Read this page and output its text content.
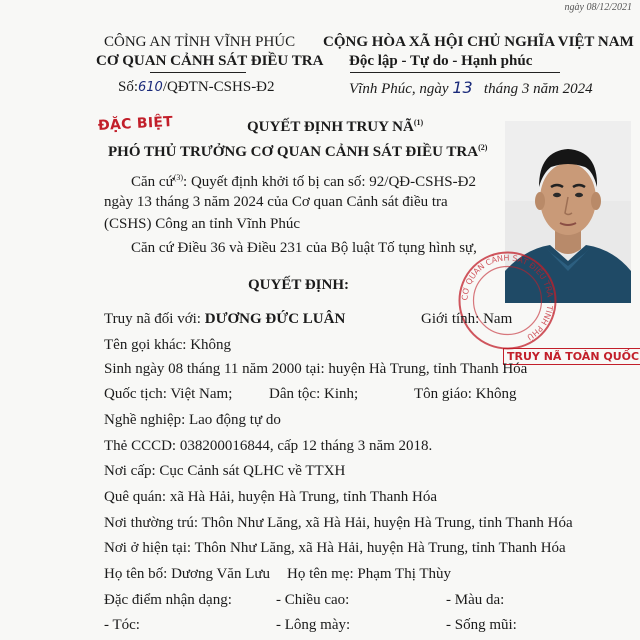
ngày 08/12/2021
CÔNG AN TỈNH VĨNH PHÚC
CƠ QUAN CẢNH SÁT ĐIỀU TRA
Số:610/QĐTN-CSHS-Đ2
CỘNG HÒA XÃ HỘI CHỦ NGHĨA VIỆT NAM
Độc lập - Tự do - Hạnh phúc
Vĩnh Phúc, ngày 13 tháng 3 năm 2024
ĐẶC BIỆT	QUYẾT ĐỊNH TRUY NÃ$^{(1)}$
PHÓ THỦ TRƯỞNG CƠ QUAN CẢNH SÁT ĐIỀU TRA$^{(2)}$
Căn cứ$^{(3)}$: Quyết định khởi tố bị can số: 92/QĐ-CSHS-Đ2
ngày 13 tháng 3 năm 2024 của Cơ quan Cảnh sát điều tra
(CSHS) Công an tỉnh Vĩnh Phúc
Căn cứ Điều 36 và Điều 231 của Bộ luật Tố tụng hình sự,
QUYẾT ĐỊNH:
CƠ QUAN CẢNH SÁT ĐIỀU TRA · TỈNH PHÚ
TRUY NÃ TOÀN QUỐC
Truy nã đối với: DƯƠNG ĐỨC LUÂN	Giới tính: Nam
Tên gọi khác: Không
Sinh ngày 08 tháng 11 năm 2000 tại: huyện Hà Trung, tỉnh Thanh Hóa
Quốc tịch: Việt Nam; Dân tộc: Kinh;	Tôn giáo: Không
Nghề nghiệp: Lao động tự do
Thẻ CCCD: 038200016844, cấp 12 tháng 3 năm 2018.
Nơi cấp: Cục Cảnh sát QLHC về TTXH
Quê quán: xã Hà Hải, huyện Hà Trung, tỉnh Thanh Hóa
Nơi thường trú: Thôn Như Lăng, xã Hà Hải, huyện Hà Trung, tỉnh Thanh Hóa
Nơi ở hiện tại: Thôn Như Lăng, xã Hà Hải, huyện Hà Trung, tỉnh Thanh Hóa
Họ tên bố: Dương Văn Lưu Họ tên mẹ: Phạm Thị Thùy
Đặc điểm nhận dạng:	- Chiều cao:	- Màu da:
- Tóc:	- Lông mày:	- Sống mũi:
